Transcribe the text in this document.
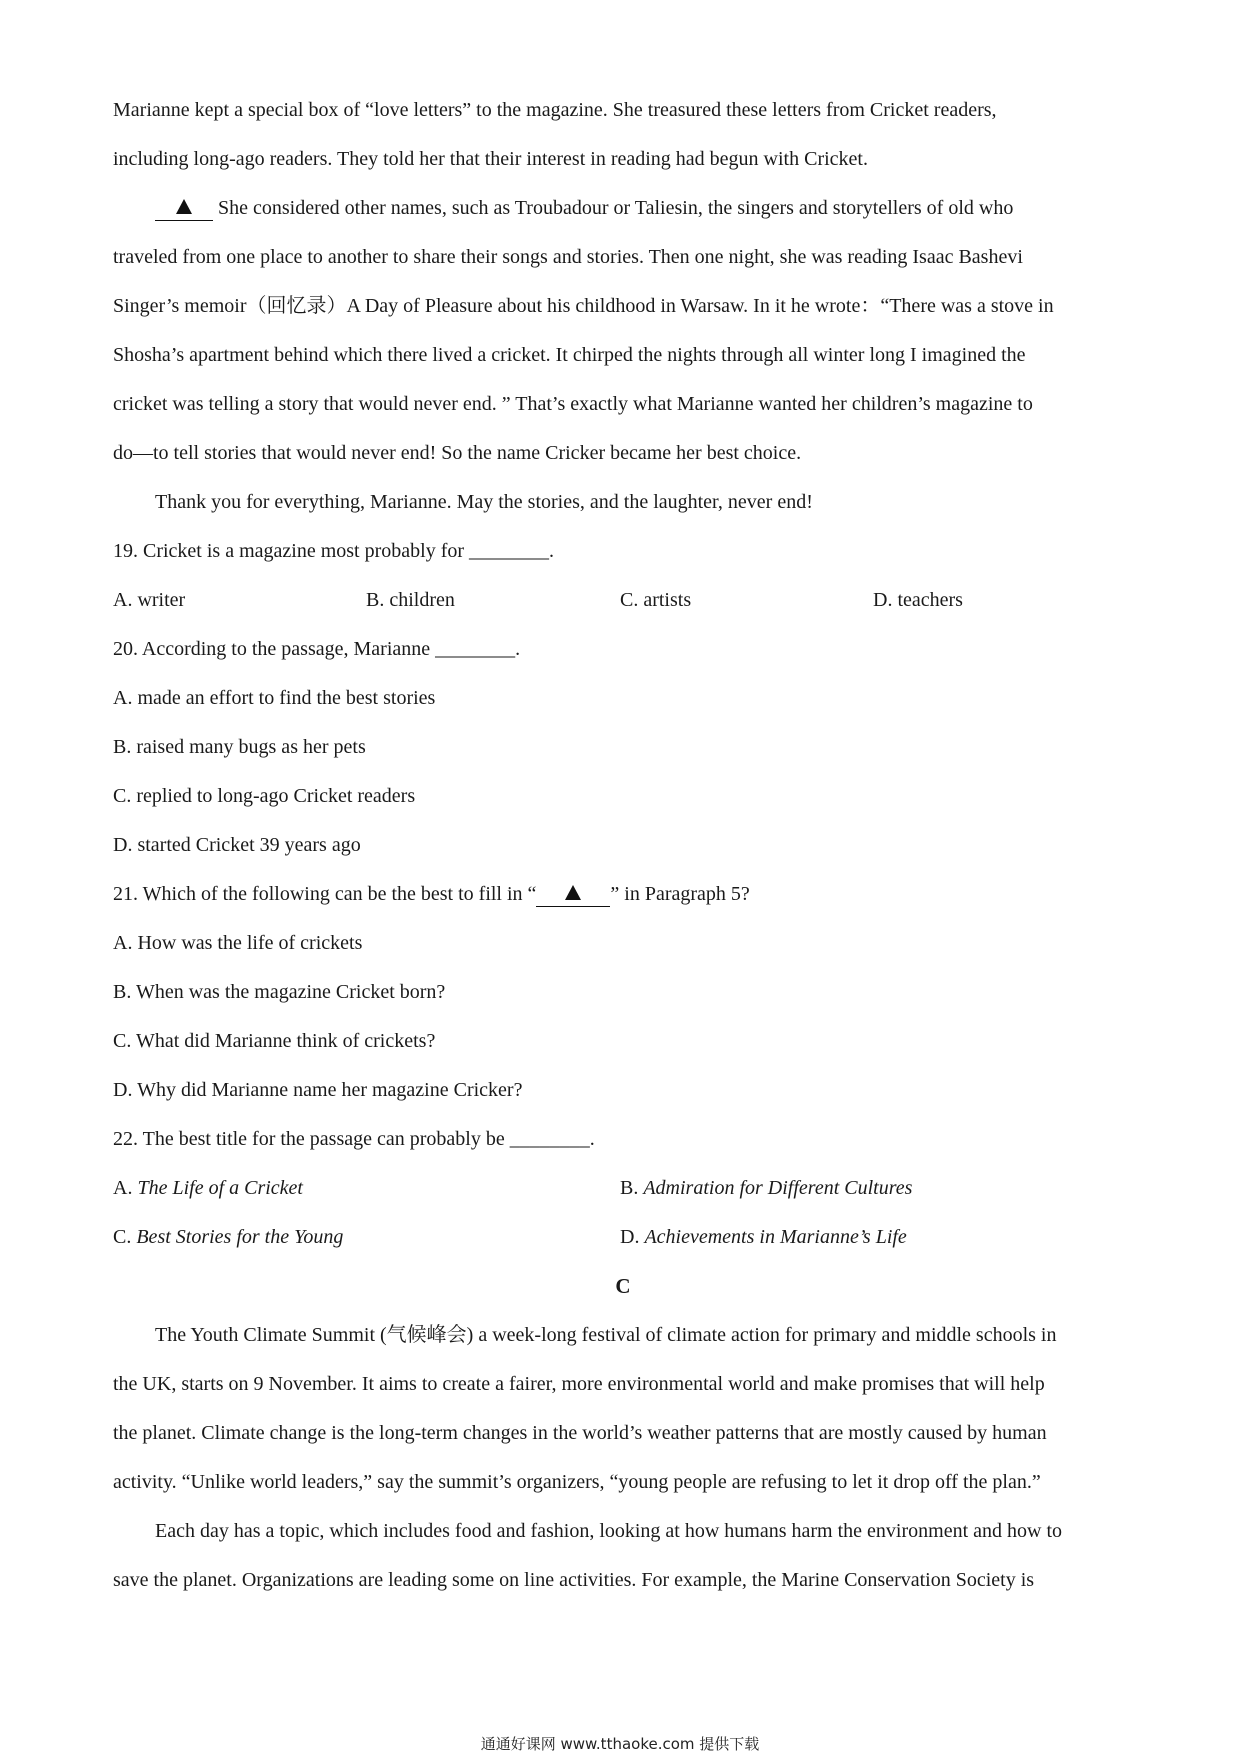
Marianne kept a special box of “love letters” to the magazine. She treasured these letters from Cricket readers,
including long-ago readers. They told her that their interest in reading had begun with Cricket.
She considered other names, such as Troubadour or Taliesin, the singers and storytellers of old who
traveled from one place to another to share their songs and stories. Then one night, she was reading Isaac Bashevi
Singer’s memoir（回忆录）A Day of Pleasure about his childhood in Warsaw. In it he wrote：“There was a stove in
Shosha’s apartment behind which there lived a cricket. It chirped the nights through all winter long I imagined the
cricket was telling a story that would never end. ” That’s exactly what Marianne wanted her children’s magazine to
do—to tell stories that would never end! So the name Cricker became her best choice.
Thank you for everything, Marianne. May the stories, and the laughter, never end!
19. Cricket is a magazine most probably for ________.
A. writer	B. children	C. artists	D. teachers
20. According to the passage, Marianne ________.
A. made an effort to find the best stories
B. raised many bugs as her pets
C. replied to long-ago Cricket readers
D. started Cricket 39 years ago
21. Which of the following can be the best to fill in “	” in Paragraph 5?
A. How was the life of crickets
B. When was the magazine Cricket born?
C. What did Marianne think of crickets?
D. Why did Marianne name her magazine Cricker?
22. The best title for the passage can probably be ________.
A. The Life of a Cricket	B. Admiration for Different Cultures
C. Best Stories for the Young	D. Achievements in Marianne’s Life
C
The Youth Climate Summit (气候峰会) a week-long festival of climate action for primary and middle schools in
the UK, starts on 9 November. It aims to create a fairer, more environmental world and make promises that will help
the planet. Climate change is the long-term changes in the world’s weather patterns that are mostly caused by human
activity. “Unlike world leaders,” say the summit’s organizers, “young people are refusing to let it drop off the plan.”
Each day has a topic, which includes food and fashion, looking at how humans harm the environment and how to
save the planet. Organizations are leading some on line activities. For example, the Marine Conservation Society is
通通好课网 www.tthaoke.com 提供下载
